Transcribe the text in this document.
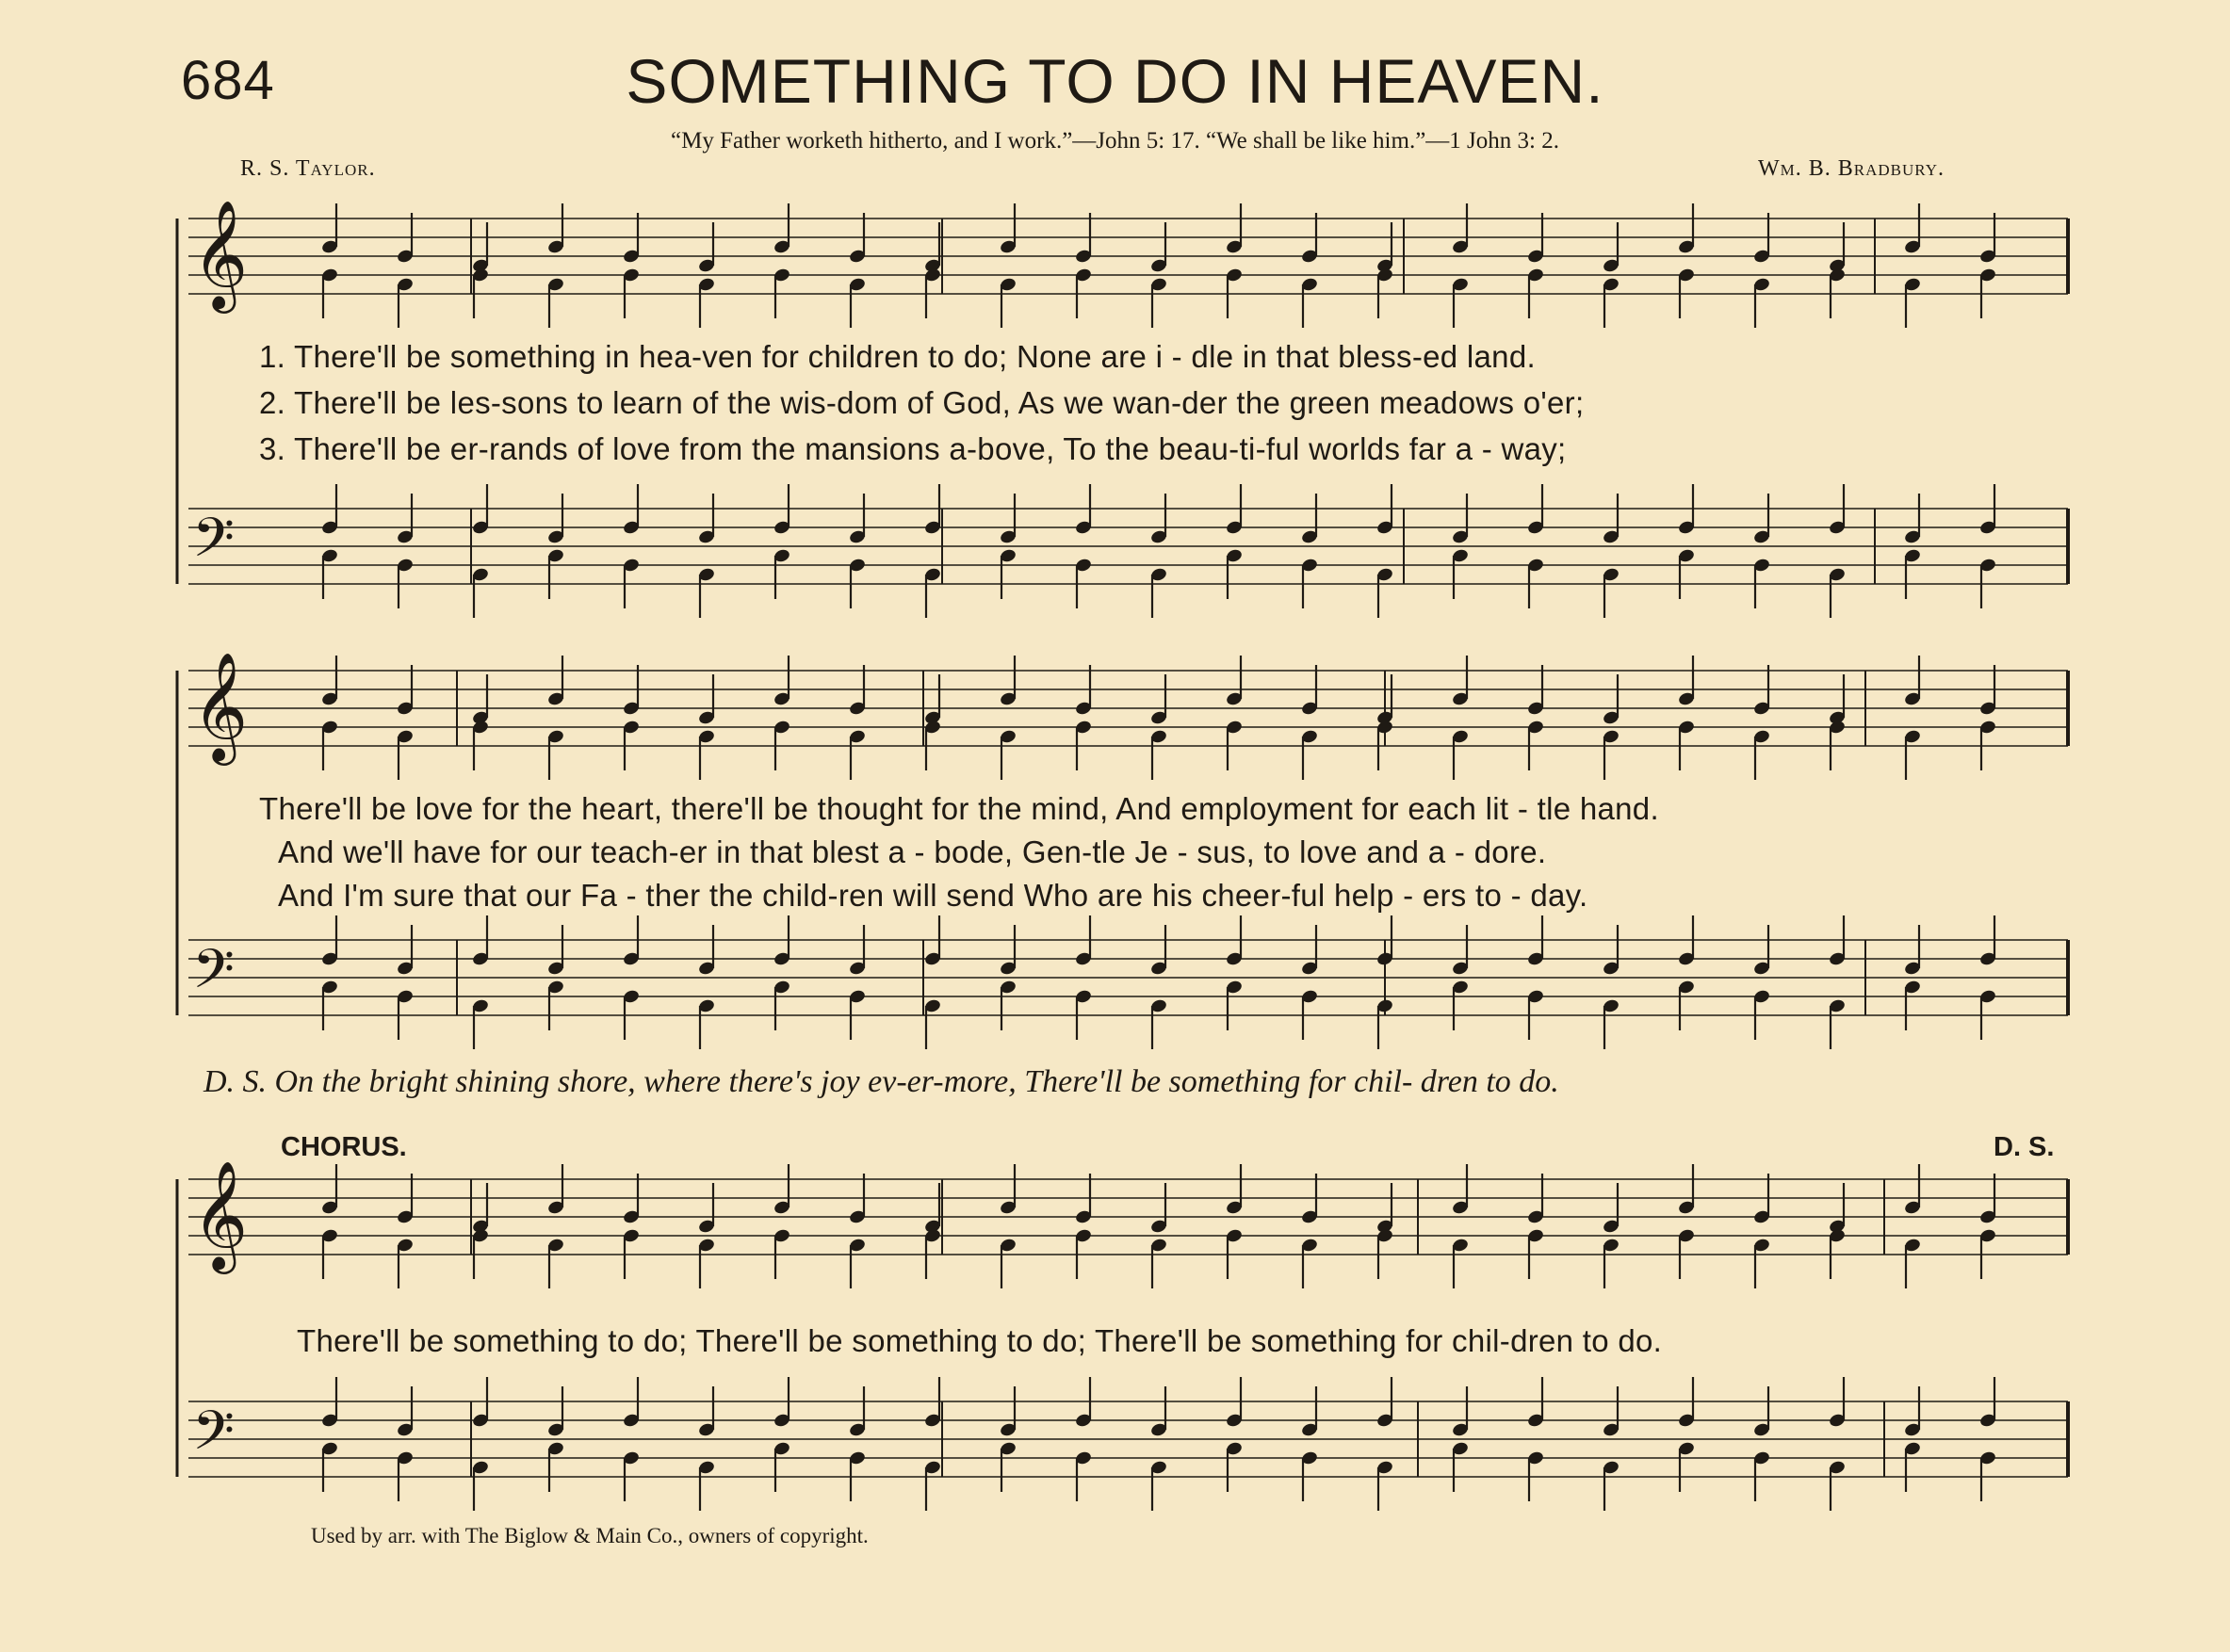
𝄞
𝄢
𝄞
𝄢
𝄞
𝄢
684	SOMETHING TO DO IN HEAVEN.
“My Father worketh hitherto, and I work.”—John 5: 17. “We shall be like him.”—1 John 3: 2.
R. S. Taylor.	Wm. B. Bradbury.
1. There'll be something in hea-ven for children to do; None are i - dle in that bless-ed land.
2. There'll be les-sons to learn of the wis-dom of God, As we wan-der the green meadows o'er;
3. There'll be er-rands of love from the mansions a-bove, To the beau-ti-ful worlds far a - way;
There'll be love for the heart, there'll be thought for the mind, And employment for each lit - tle hand.
And we'll have for our teach-er in that blest a - bode, Gen-tle Je - sus, to love and a - dore.
And I'm sure that our Fa - ther the child-ren will send Who are his cheer-ful help - ers to - day.
D. S. On the bright shining shore, where there's joy ev-er-more, There'll be something for chil- dren to do.
CHORUS.	D. S.
There'll be something to do; There'll be something to do; There'll be something for chil-dren to do.
Used by arr. with The Biglow & Main Co., owners of copyright.
